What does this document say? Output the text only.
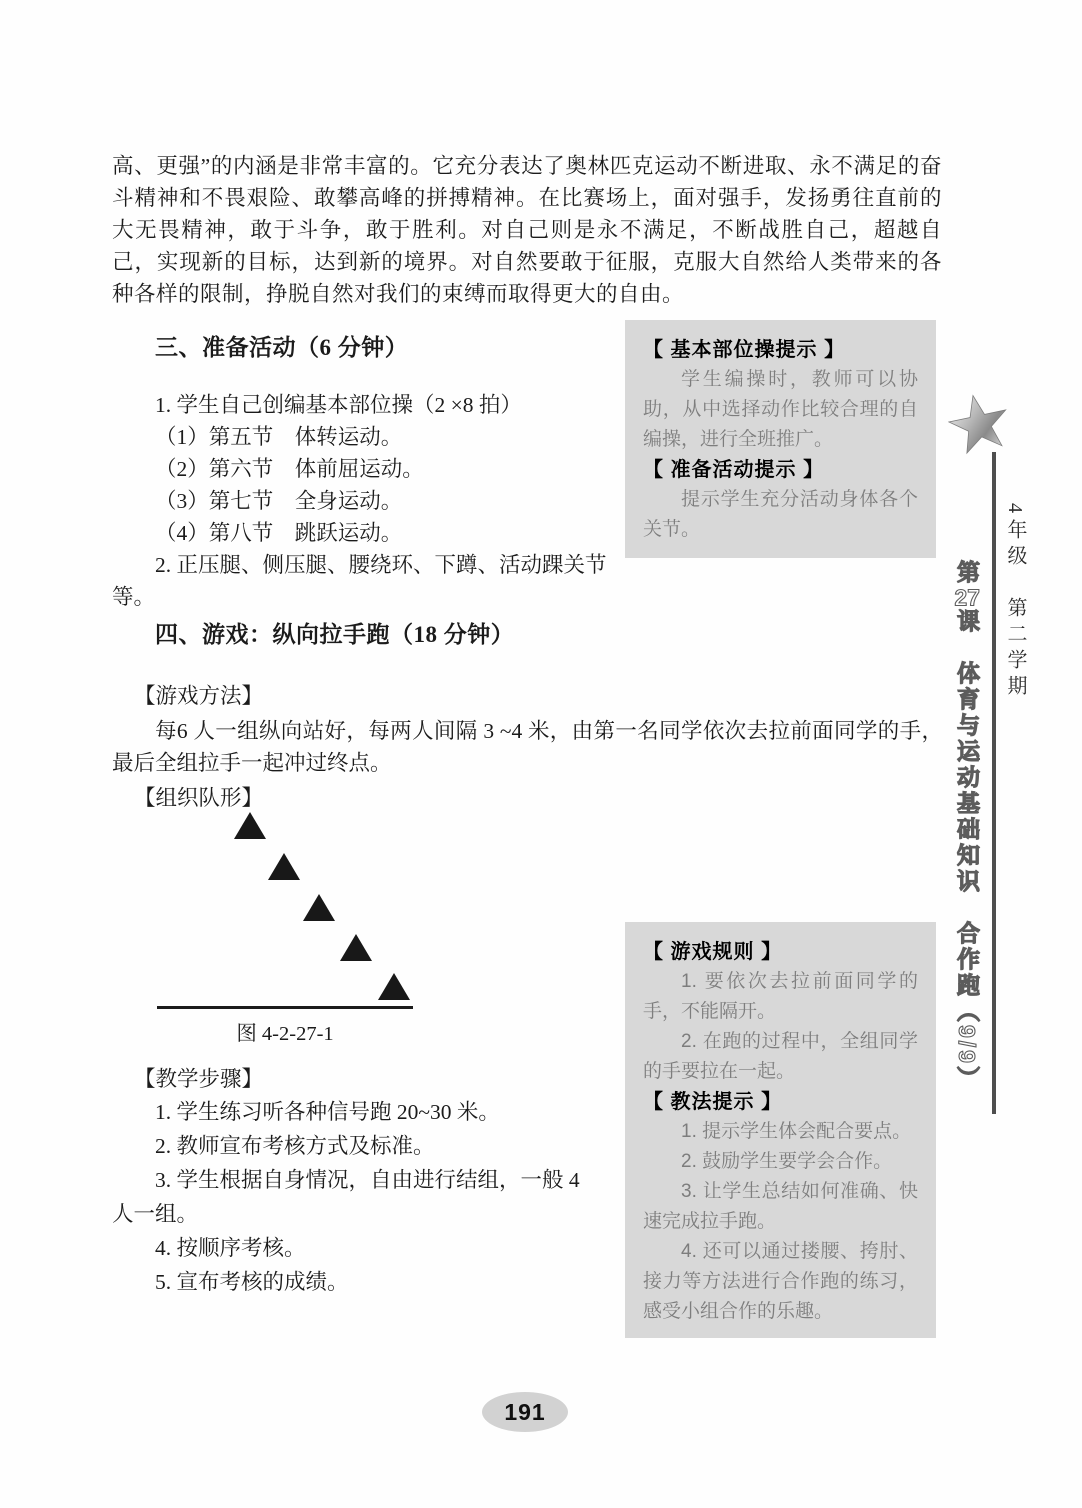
高、更强”的内涵是非常丰富的。它充分表达了奥林匹克运动不断进取、永不满足的奋斗精神和不畏艰险、敢攀高峰的拼搏精神。在比赛场上，面对强手，发扬勇往直前的大无畏精神，敢于斗争，敢于胜利。对自己则是永不满足，不断战胜自己，超越自己，实现新的目标，达到新的境界。对自然要敢于征服，克服大自然给人类带来的各种各样的限制，挣脱自然对我们的束缚而取得更大的自由。

三、准备活动（6 分钟）

1. 学生自己创编基本部位操（2 ×8 拍）

（1）第五节　体转运动。

（2）第六节　体前屈运动。

（3）第七节　全身运动。

（4）第八节　跳跃运动。

2. 正压腿、侧压腿、腰绕环、下蹲、活动踝关节等。

【 基本部位操提示 】

学生编操时，教师可以协助，从中选择动作比较合理的自编操，进行全班推广。

【 准备活动提示 】

提示学生充分活动身体各个关节。

四、游戏：纵向拉手跑（18 分钟）

【游戏方法】

每6 人一组纵向站好，每两人间隔 3 ~4 米，由第一名同学依次去拉前面同学的手，最后全组拉手一起冲过终点。

【组织队形】

图 4-2-27-1

【教学步骤】

1. 学生练习听各种信号跑 20~30 米。

2. 教师宣布考核方式及标准。

3. 学生根据自身情况，自由进行结组，一般 4 人一组。

4. 按顺序考核。

5. 宣布考核的成绩。

【 游戏规则 】

1. 要依次去拉前面同学的手，不能隔开。

2. 在跑的过程中，全组同学的手要拉在一起。

【 教法提示 】

1. 提示学生体会配合要点。

2. 鼓励学生要学会合作。

3. 让学生总结如何准确、快速完成拉手跑。

4. 还可以通过搂腰、挎肘、接力等方法进行合作跑的练习，感受小组合作的乐趣。

4年级　第二学期
第27课　体育与运动基础知识　合作跑（9/9）
191
